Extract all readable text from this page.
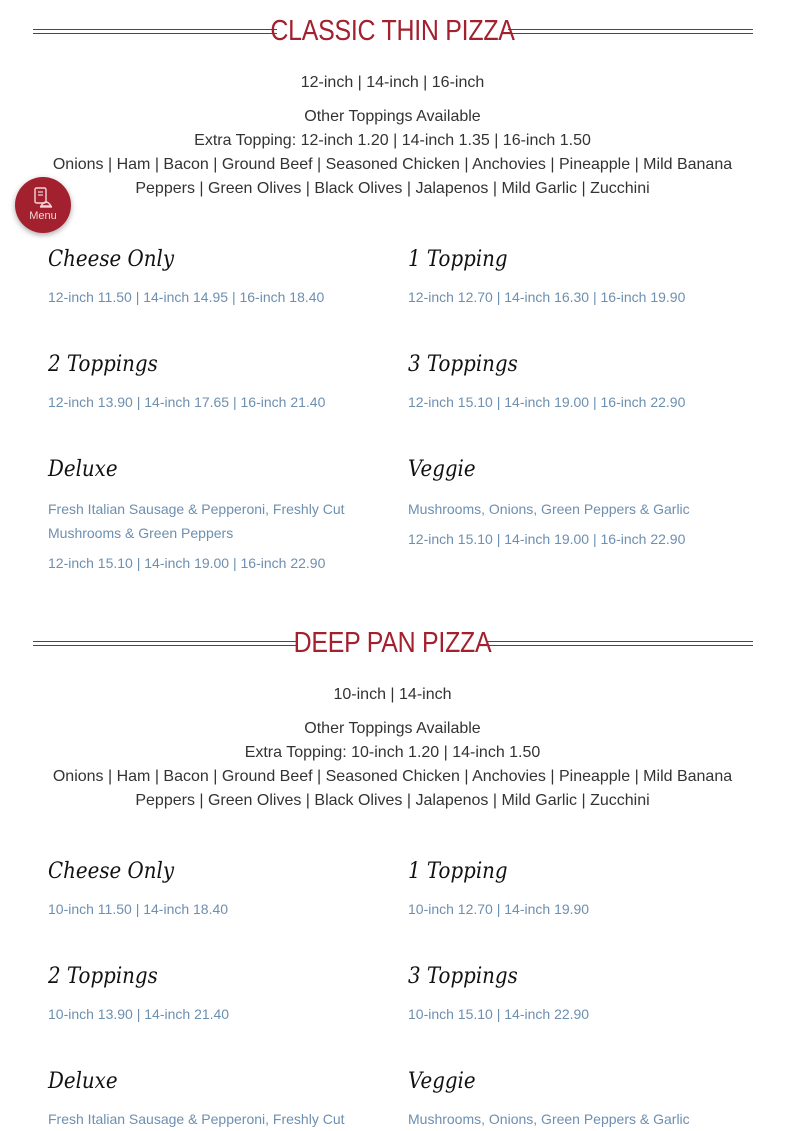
CLASSIC THIN PIZZA
12-inch | 14-inch | 16-inch
Other Toppings Available
Extra Topping: 12-inch 1.20 | 14-inch 1.35 | 16-inch 1.50
Onions | Ham | Bacon | Ground Beef | Seasoned Chicken | Anchovies | Pineapple | Mild Banana Peppers | Green Olives | Black Olives | Jalapenos | Mild Garlic | Zucchini
Cheese Only
12-inch 11.50 | 14-inch 14.95 | 16-inch 18.40
1 Topping
12-inch 12.70 | 14-inch 16.30 | 16-inch 19.90
2 Toppings
12-inch 13.90 | 14-inch 17.65 | 16-inch 21.40
3 Toppings
12-inch 15.10 | 14-inch 19.00 | 16-inch 22.90
Deluxe
Fresh Italian Sausage & Pepperoni, Freshly Cut Mushrooms & Green Peppers
12-inch 15.10 | 14-inch 19.00 | 16-inch 22.90
Veggie
Mushrooms, Onions, Green Peppers & Garlic
12-inch 15.10 | 14-inch 19.00 | 16-inch 22.90
DEEP PAN PIZZA
10-inch | 14-inch
Other Toppings Available
Extra Topping: 10-inch 1.20 | 14-inch 1.50
Onions | Ham | Bacon | Ground Beef | Seasoned Chicken | Anchovies | Pineapple | Mild Banana Peppers | Green Olives | Black Olives | Jalapenos | Mild Garlic | Zucchini
Cheese Only
10-inch 11.50 | 14-inch 18.40
1 Topping
10-inch 12.70 | 14-inch 19.90
2 Toppings
10-inch 13.90 | 14-inch 21.40
3 Toppings
10-inch 15.10 | 14-inch 22.90
Deluxe
Fresh Italian Sausage & Pepperoni, Freshly Cut
Veggie
Mushrooms, Onions, Green Peppers & Garlic
Menu
